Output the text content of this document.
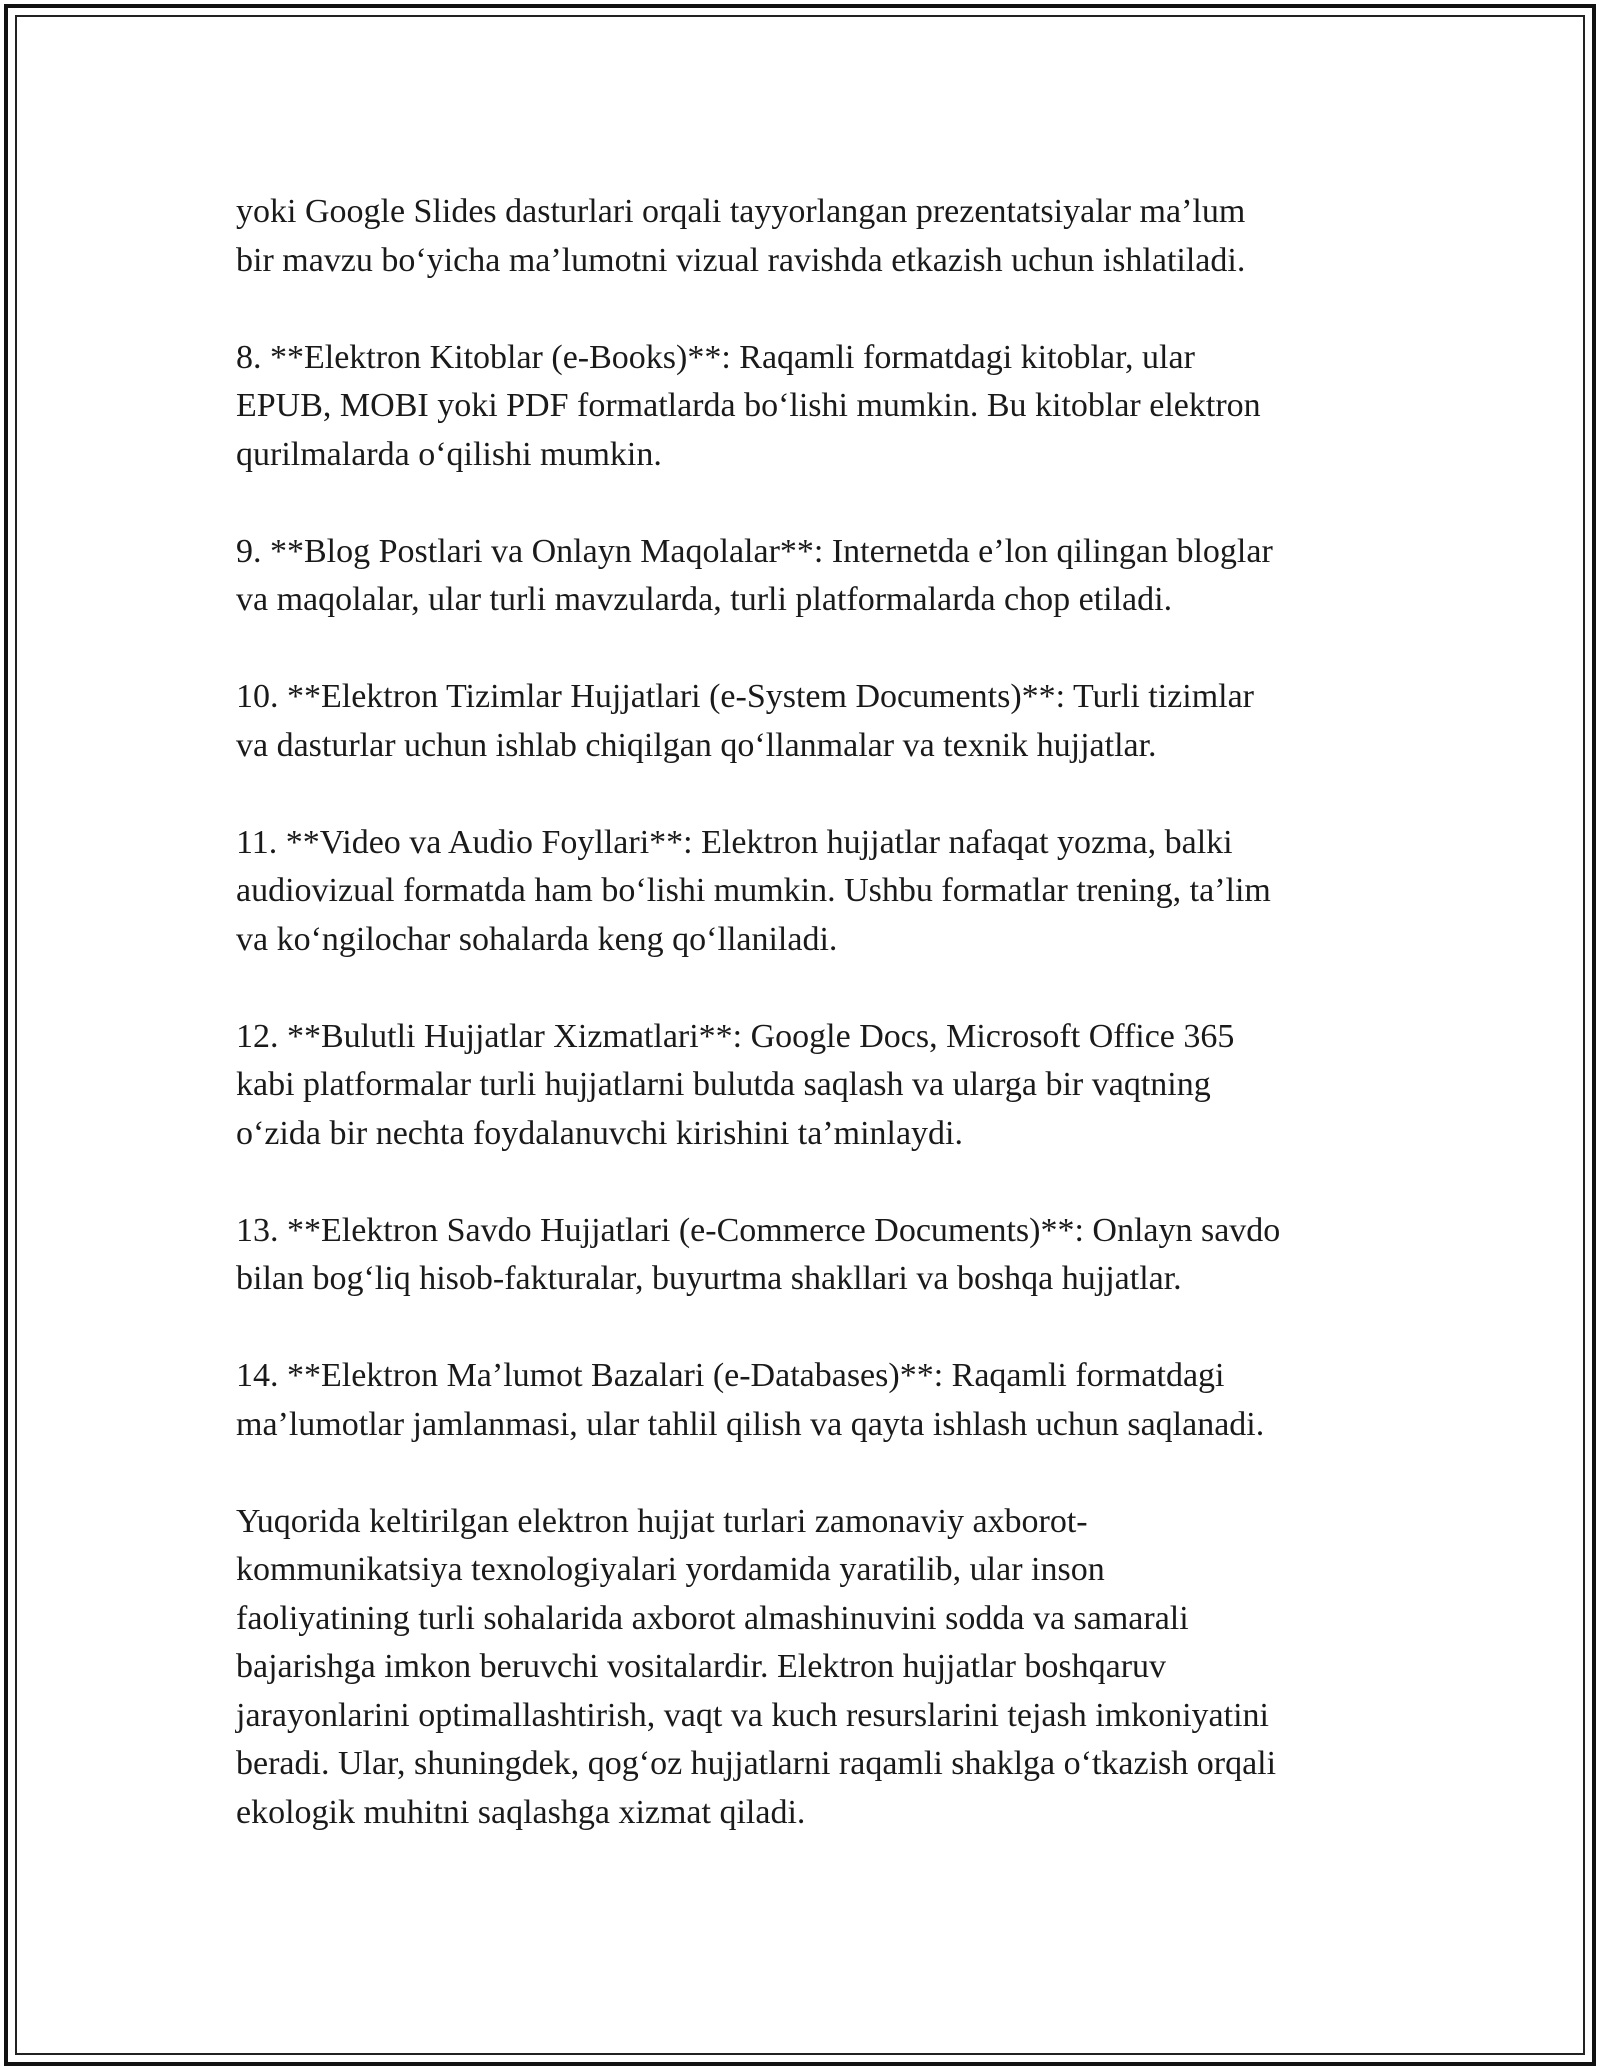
yoki Google Slides dasturlari orqali tayyorlangan prezentatsiyalar ma’lum
bir mavzu bo‘yicha ma’lumotni vizual ravishda etkazish uchun ishlatiladi.

8. **Elektron Kitoblar (e-Books)**: Raqamli formatdagi kitoblar, ular
EPUB, MOBI yoki PDF formatlarda bo‘lishi mumkin. Bu kitoblar elektron
qurilmalarda o‘qilishi mumkin.

9. **Blog Postlari va Onlayn Maqolalar**: Internetda e’lon qilingan bloglar
va maqolalar, ular turli mavzularda, turli platformalarda chop etiladi.

10. **Elektron Tizimlar Hujjatlari (e-System Documents)**: Turli tizimlar
va dasturlar uchun ishlab chiqilgan qo‘llanmalar va texnik hujjatlar.

11. **Video va Audio Foyllari**: Elektron hujjatlar nafaqat yozma, balki
audiovizual formatda ham bo‘lishi mumkin. Ushbu formatlar trening, ta’lim
va ko‘ngilochar sohalarda keng qo‘llaniladi.

12. **Bulutli Hujjatlar Xizmatlari**: Google Docs, Microsoft Office 365
kabi platformalar turli hujjatlarni bulutda saqlash va ularga bir vaqtning
o‘zida bir nechta foydalanuvchi kirishini ta’minlaydi.

13. **Elektron Savdo Hujjatlari (e-Commerce Documents)**: Onlayn savdo
bilan bog‘liq hisob-fakturalar, buyurtma shakllari va boshqa hujjatlar.

14. **Elektron Ma’lumot Bazalari (e-Databases)**: Raqamli formatdagi
ma’lumotlar jamlanmasi, ular tahlil qilish va qayta ishlash uchun saqlanadi.

Yuqorida keltirilgan elektron hujjat turlari zamonaviy axborot-
kommunikatsiya texnologiyalari yordamida yaratilib, ular inson
faoliyatining turli sohalarida axborot almashinuvini sodda va samarali
bajarishga imkon beruvchi vositalardir. Elektron hujjatlar boshqaruv
jarayonlarini optimallashtirish, vaqt va kuch resurslarini tejash imkoniyatini
beradi. Ular, shuningdek, qog‘oz hujjatlarni raqamli shaklga o‘tkazish orqali
ekologik muhitni saqlashga xizmat qiladi.
